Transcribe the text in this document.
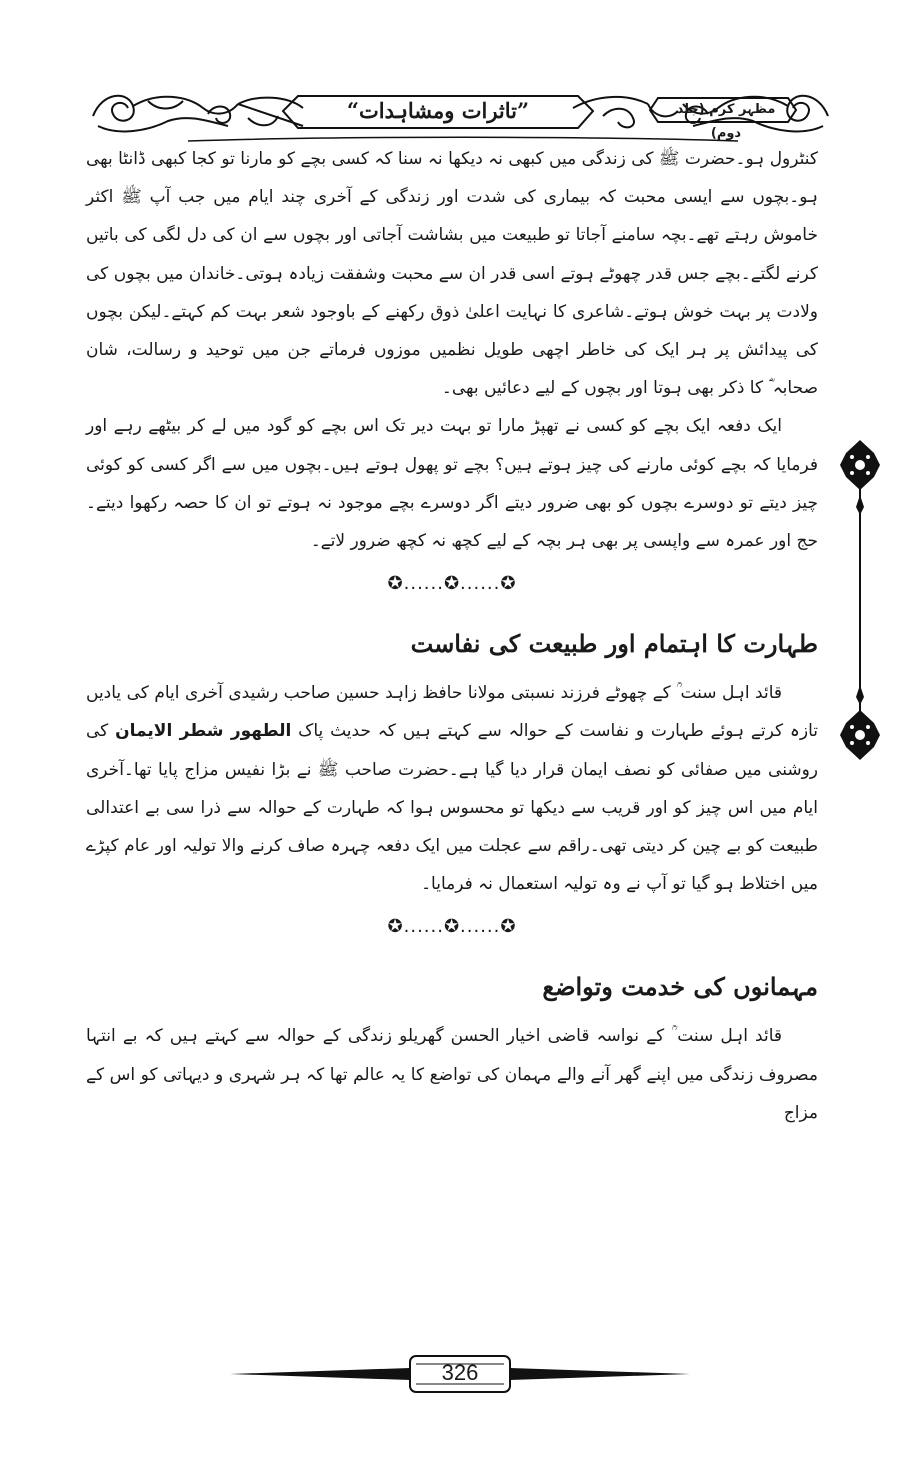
”تاثرات ومشاہدات“	مظہر کرم (جلد دوم)

کنٹرول ہو۔حضرت ﷺ کی زندگی میں کبھی نہ دیکھا نہ سنا کہ کسی بچے کو مارنا تو کجا کبھی ڈانٹا بھی ہو۔بچوں سے ایسی محبت کہ بیماری کی شدت اور زندگی کے آخری چند ایام میں جب آپ ﷺ اکثر خاموش رہتے تھے۔بچہ سامنے آجاتا تو طبیعت میں بشاشت آجاتی اور بچوں سے ان کی دل لگی کی باتیں کرنے لگتے۔بچے جس قدر چھوٹے ہوتے اسی قدر ان سے محبت وشفقت زیادہ ہوتی۔خاندان میں بچوں کی ولادت پر بہت خوش ہوتے۔شاعری کا نہایت اعلیٰ ذوق رکھنے کے باوجود شعر بہت کم کہتے۔لیکن بچوں کی پیدائش پر ہر ایک کی خاطر اچھی طویل نظمیں موزوں فرماتے جن میں توحید و رسالت، شان صحابہ ؓ کا ذکر بھی ہوتا اور بچوں کے لیے دعائیں بھی۔

ایک دفعہ ایک بچے کو کسی نے تھپڑ مارا تو بہت دیر تک اس بچے کو گود میں لے کر بیٹھے رہے اور فرمایا کہ بچے کوئی مارنے کی چیز ہوتے ہیں؟ بچے تو پھول ہوتے ہیں۔بچوں میں سے اگر کسی کو کوئی چیز دیتے تو دوسرے بچوں کو بھی ضرور دیتے اگر دوسرے بچے موجود نہ ہوتے تو ان کا حصہ رکھوا دیتے۔حج اور عمرہ سے واپسی پر بھی ہر بچہ کے لیے کچھ نہ کچھ ضرور لاتے۔

✪......✪......✪
طہارت کا اہتمام اور طبیعت کی نفاست

قائد اہل سنت ؒ کے چھوٹے فرزند نسبتی مولانا حافظ زاہد حسین صاحب رشیدی آخری ایام کی یادیں تازہ کرتے ہوئے طہارت و نفاست کے حوالہ سے کہتے ہیں کہ حدیث پاک الطهور شطر الايمان کی روشنی میں صفائی کو نصف ایمان قرار دیا گیا ہے۔حضرت صاحب ﷺ نے بڑا نفیس مزاج پایا تھا۔آخری ایام میں اس چیز کو اور قریب سے دیکھا تو محسوس ہوا کہ طہارت کے حوالہ سے ذرا سی بے اعتدالی طبیعت کو بے چین کر دیتی تھی۔راقم سے عجلت میں ایک دفعہ چہرہ صاف کرنے والا تولیہ اور عام کپڑے میں اختلاط ہو گیا تو آپ نے وہ تولیہ استعمال نہ فرمایا۔

✪......✪......✪
مہمانوں کی خدمت وتواضع

قائد اہل سنت ؒ کے نواسہ قاضی اخیار الحسن گھریلو زندگی کے حوالہ سے کہتے ہیں کہ بے انتہا مصروف زندگی میں اپنے گھر آنے والے مہمان کی تواضع کا یہ عالم تھا کہ ہر شہری و دیہاتی کو اس کے مزاج

326
